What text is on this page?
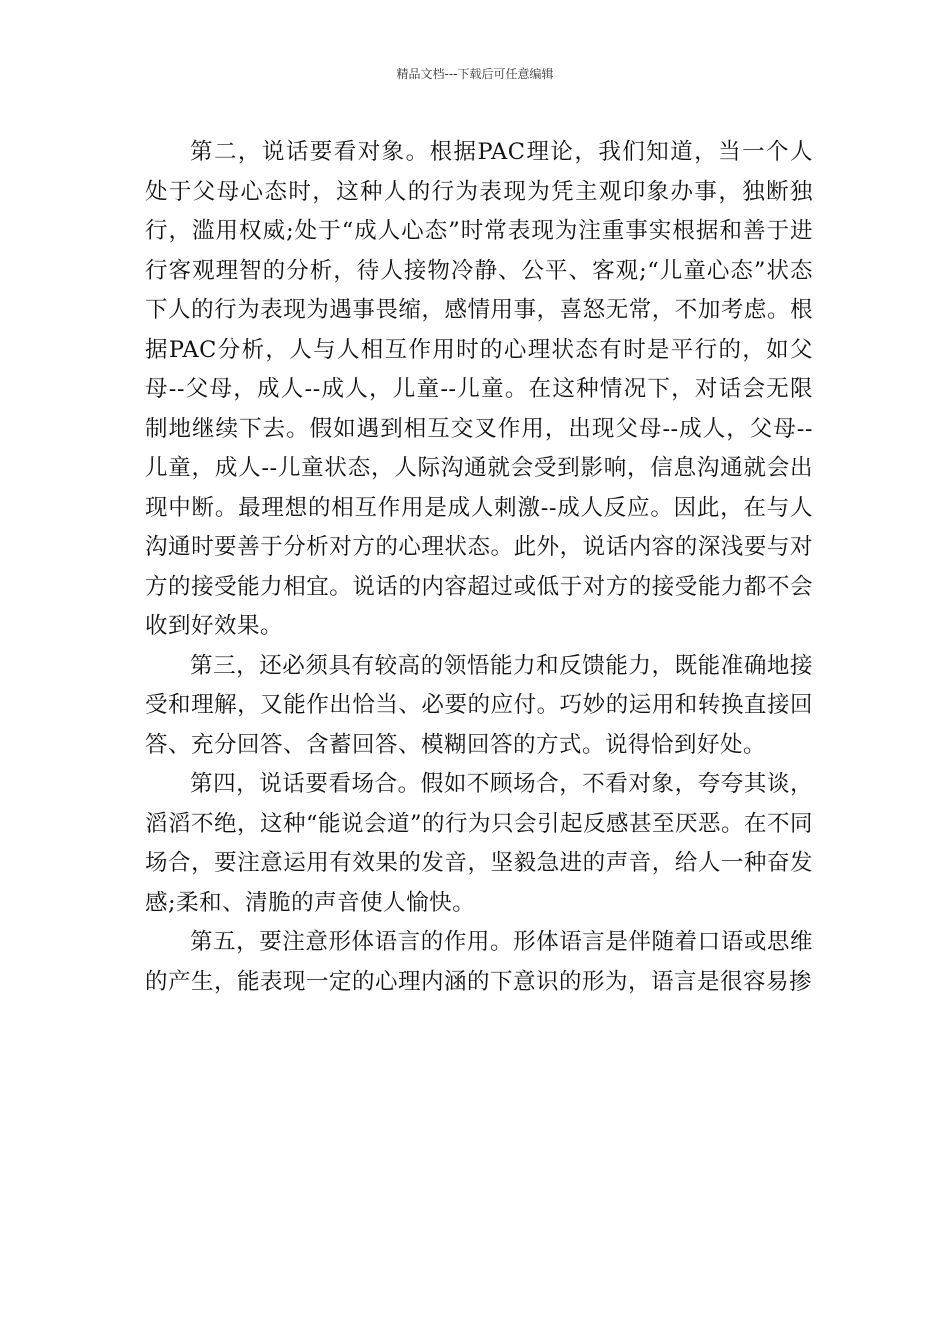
精品文档---下载后可任意编辑

第二，说话要看对象。根据PAC理论，我们知道，当一个人处于父母心态时，这种人的行为表现为凭主观印象办事，独断独行，滥用权威;处于“成人心态”时常表现为注重事实根据和善于进行客观理智的分析，待人接物冷静、公平、客观;“儿童心态”状态下人的行为表现为遇事畏缩，感情用事，喜怒无常，不加考虑。根据PAC分析，人与人相互作用时的心理状态有时是平行的，如父母--父母，成人--成人，儿童--儿童。在这种情况下，对话会无限制地继续下去。假如遇到相互交叉作用，出现父母--成人，父母--儿童，成人--儿童状态，人际沟通就会受到影响，信息沟通就会出现中断。最理想的相互作用是成人刺激--成人反应。因此，在与人沟通时要善于分析对方的心理状态。此外，说话内容的深浅要与对方的接受能力相宜。说话的内容超过或低于对方的接受能力都不会收到好效果。

第三，还必须具有较高的领悟能力和反馈能力，既能准确地接受和理解，又能作出恰当、必要的应付。巧妙的运用和转换直接回答、充分回答、含蓄回答、模糊回答的方式。说得恰到好处。

第四，说话要看场合。假如不顾场合，不看对象，夸夸其谈，滔滔不绝，这种“能说会道”的行为只会引起反感甚至厌恶。在不同场合，要注意运用有效果的发音，坚毅急进的声音，给人一种奋发感;柔和、清脆的声音使人愉快。

第五，要注意形体语言的作用。形体语言是伴随着口语或思维的产生，能表现一定的心理内涵的下意识的形为，语言是很容易掺
